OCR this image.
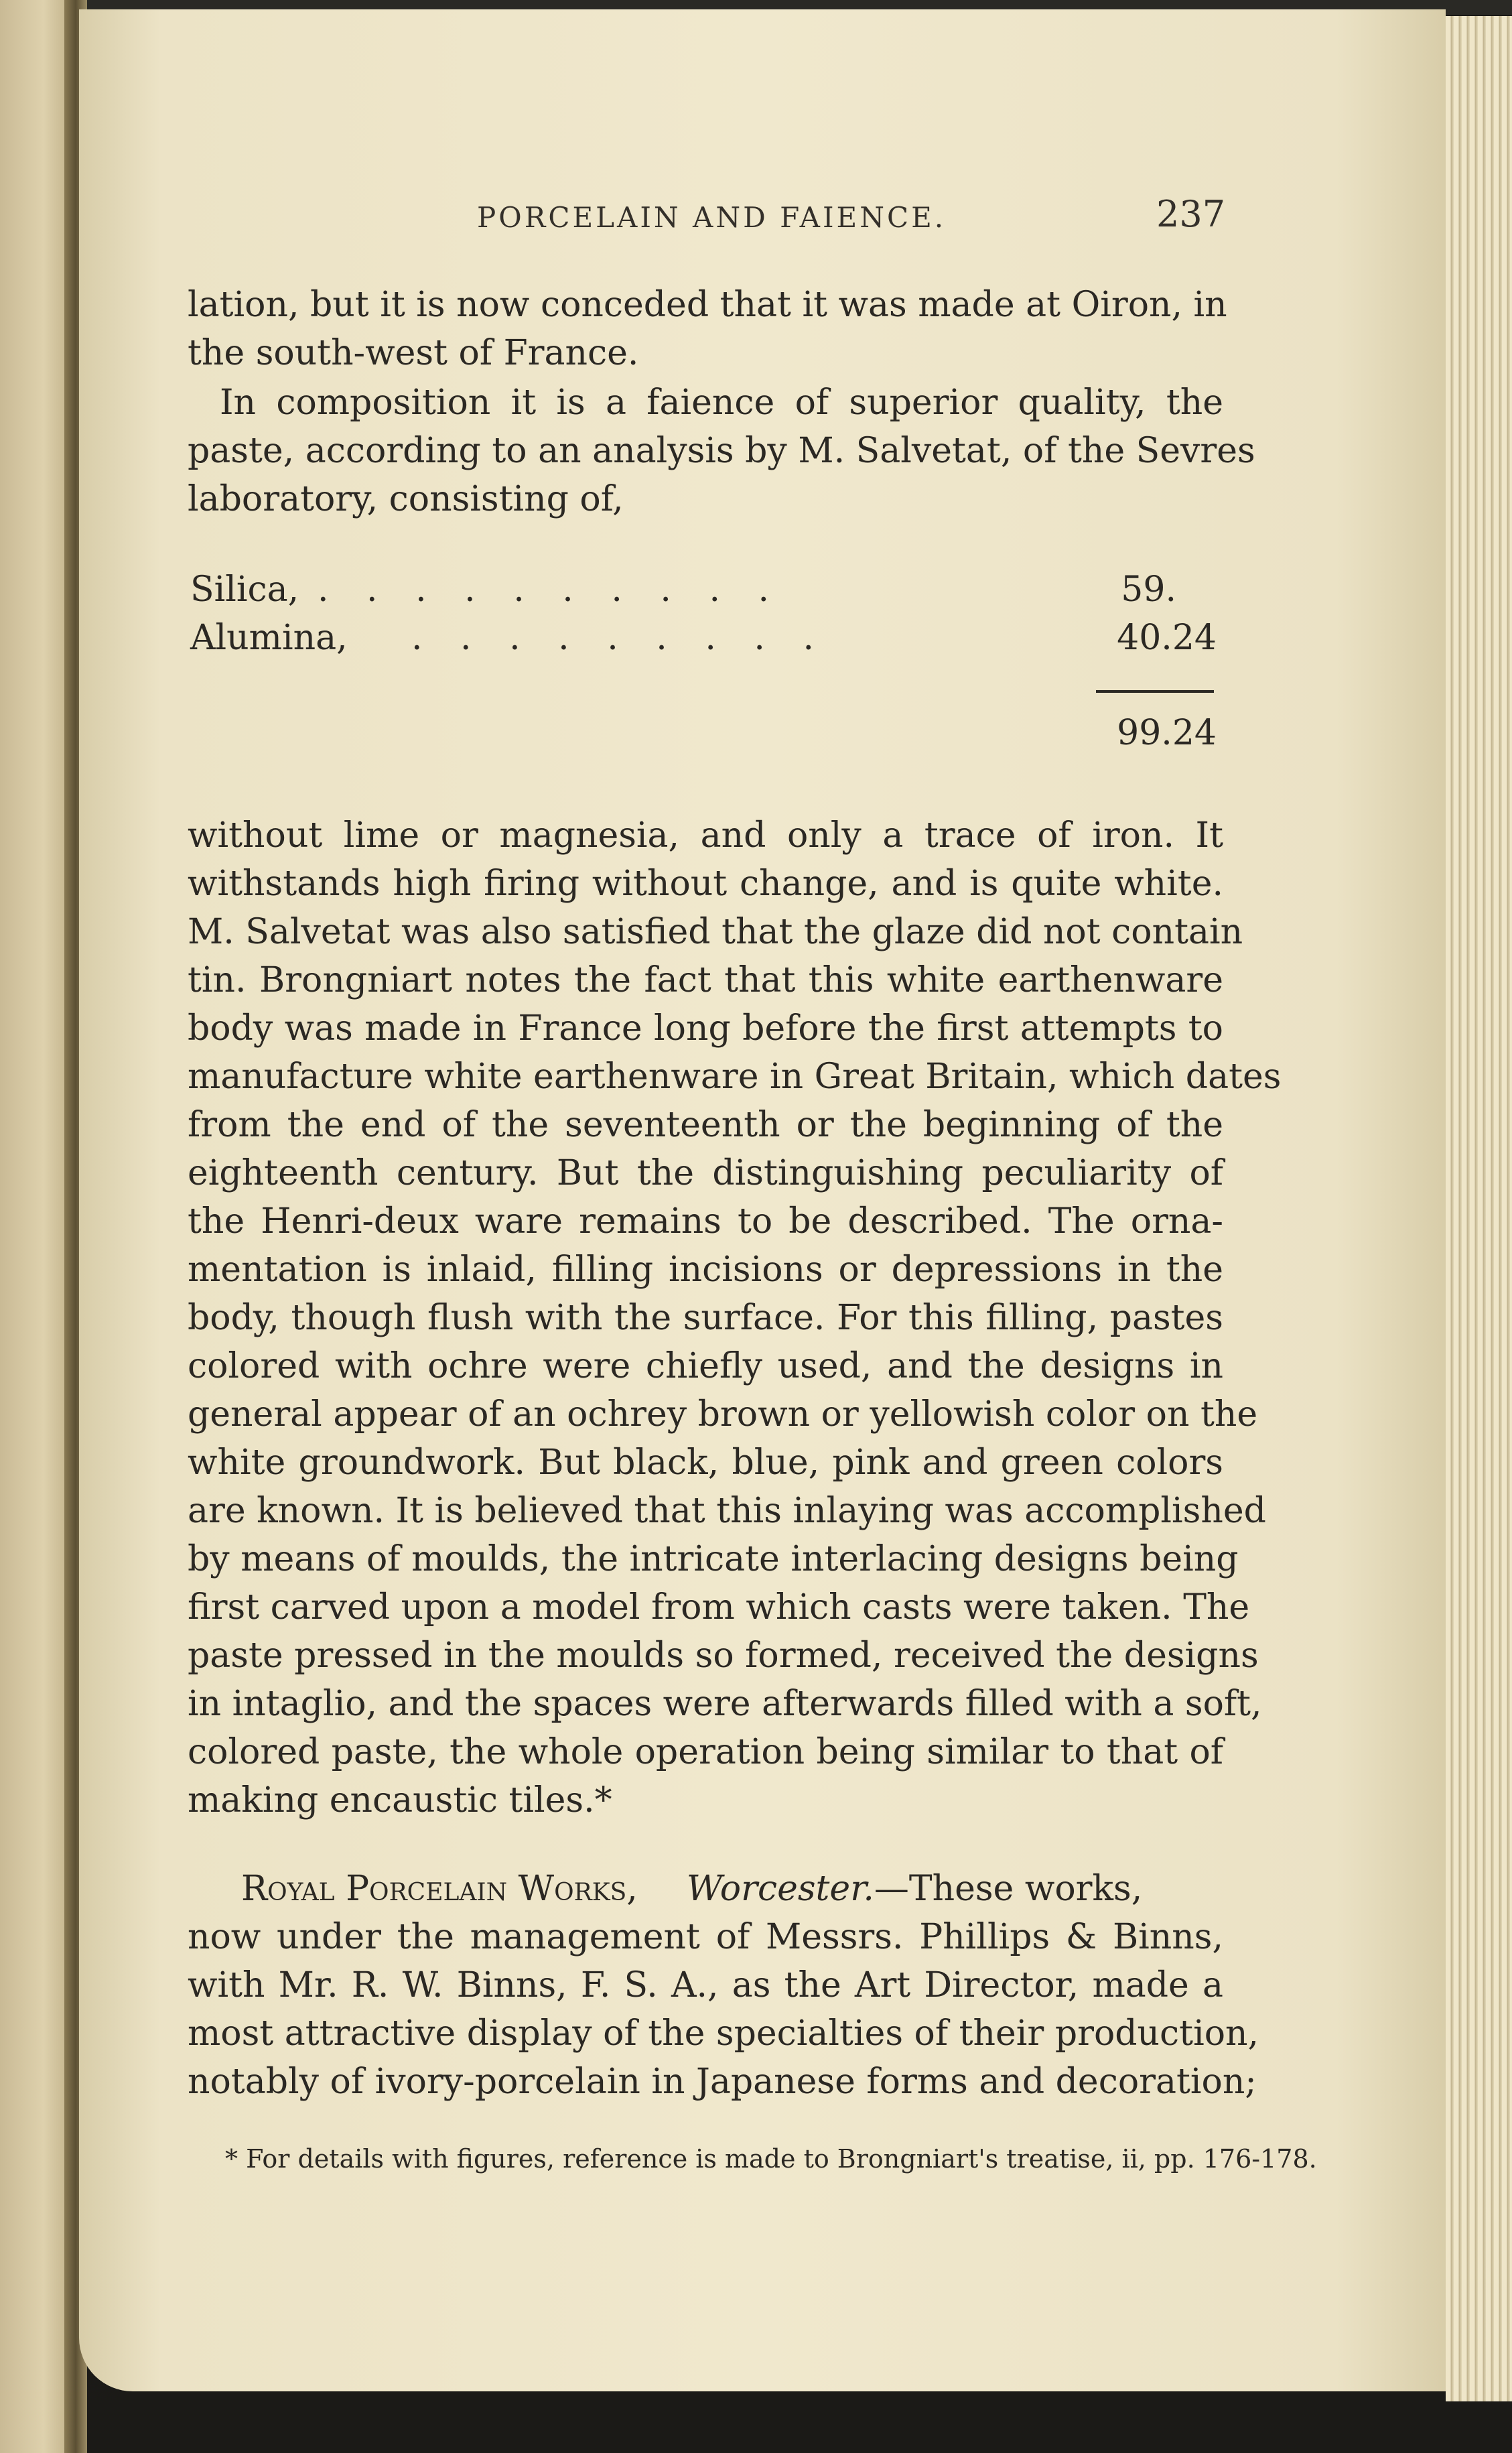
PORCELAIN AND FAIENCE.	237
lation, but it is now conceded that it was made at Oiron, in
the south-west of France.
In composition it is a faience of superior quality, the
paste, according to an analysis by M. Salvetat, of the Sevres
laboratory, consisting of,
Silica, . . . . . . . . . .	59.
Alumina, . . . . . . . . .	40.24
99.24
without lime or magnesia, and only a trace of iron. It
withstands high firing without change, and is quite white.
M. Salvetat was also satisfied that the glaze did not contain
tin. Brongniart notes the fact that this white earthenware
body was made in France long before the first attempts to
manufacture white earthenware in Great Britain, which dates
from the end of the seventeenth or the beginning of the
eighteenth century. But the distinguishing peculiarity of
the Henri-deux ware remains to be described. The orna-
mentation is inlaid, filling incisions or depressions in the
body, though flush with the surface. For this filling, pastes
colored with ochre were chiefly used, and the designs in
general appear of an ochrey brown or yellowish color on the
white groundwork. But black, blue, pink and green colors
are known. It is believed that this inlaying was accomplished
by means of moulds, the intricate interlacing designs being
first carved upon a model from which casts were taken. The
paste pressed in the moulds so formed, received the designs
in intaglio, and the spaces were afterwards filled with a soft,
colored paste, the whole operation being similar to that of
making encaustic tiles.*
Royal Porcelain Works, Worcester.—These works,
now under the management of Messrs. Phillips & Binns,
with Mr. R. W. Binns, F. S. A., as the Art Director, made a
most attractive display of the specialties of their production,
notably of ivory-porcelain in Japanese forms and decoration;
* For details with figures, reference is made to Brongniart's treatise, ii, pp. 176-178.
